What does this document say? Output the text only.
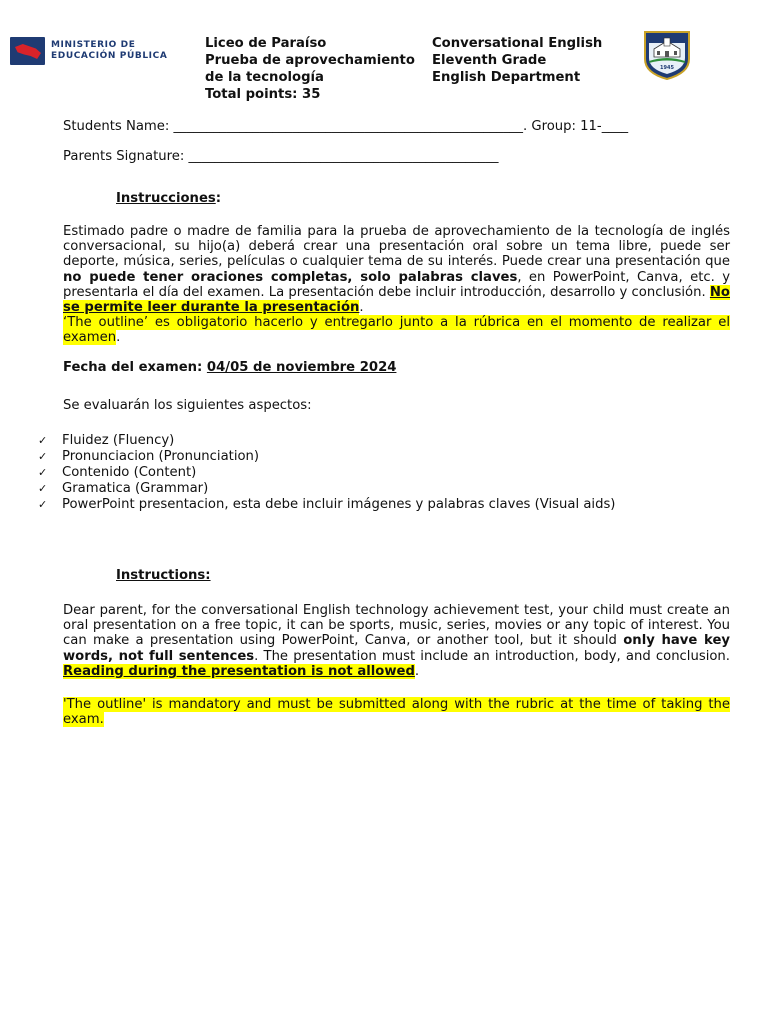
MINISTERIO DE
EDUCACIÓN PÚBLICA
Liceo de Paraíso
Prueba de aprovechamiento
de la tecnología
Total points: 35
Conversational English
Eleventh Grade
English Department
1945
Students Name: _____________________________________________________. Group: 11-____
Parents Signature: _______________________________________________
Instrucciones:
Estimado padre o madre de familia para la prueba de aprovechamiento de la tecnología de inglés conversacional, su hijo(a) deberá crear una presentación oral sobre un tema libre, puede ser deporte, música, series, películas o cualquier tema de su interés. Puede crear una presentación que no puede tener oraciones completas, solo palabras claves, en PowerPoint, Canva, etc. y presentarla el día del examen. La presentación debe incluir introducción, desarrollo y conclusión. No se permite leer durante la presentación.
‘The outline’ es obligatorio hacerlo y entregarlo junto a la rúbrica en el momento de realizar el examen.
Fecha del examen: 04/05 de noviembre 2024
Se evaluarán los siguientes aspectos:
✓	Fluidez (Fluency)
✓	Pronunciacion (Pronunciation)
✓	Contenido (Content)
✓	Gramatica (Grammar)
✓	PowerPoint presentacion, esta debe incluir imágenes y palabras claves (Visual aids)
Instructions:
Dear parent, for the conversational English technology achievement test, your child must create an oral presentation on a free topic, it can be sports, music, series, movies or any topic of interest. You can make a presentation using PowerPoint, Canva, or another tool, but it should only have key words, not full sentences. The presentation must include an introduction, body, and conclusion. Reading during the presentation is not allowed.
'The outline' is mandatory and must be submitted along with the rubric at the time of taking the exam.
